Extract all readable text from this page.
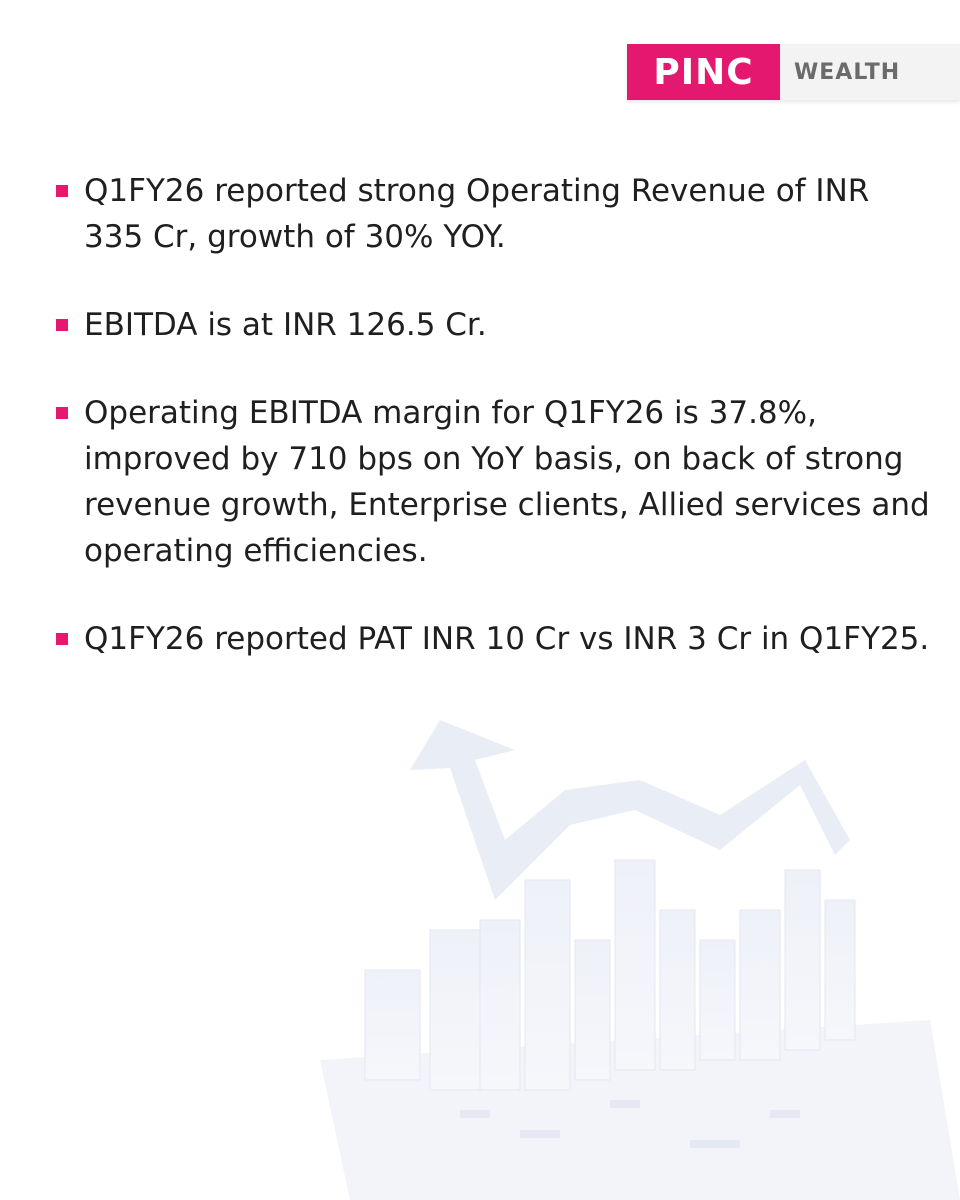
PINC	WEALTH
Q1FY26 reported strong Operating Revenue of INR 335 Cr, growth of 30% YOY.
EBITDA is at INR 126.5 Cr.
Operating EBITDA margin for Q1FY26 is 37.8%, improved by 710 bps on YoY basis, on back of strong revenue growth, Enterprise clients, Allied services and operating efficiencies.
Q1FY26 reported PAT INR 10 Cr vs INR 3 Cr in Q1FY25.
